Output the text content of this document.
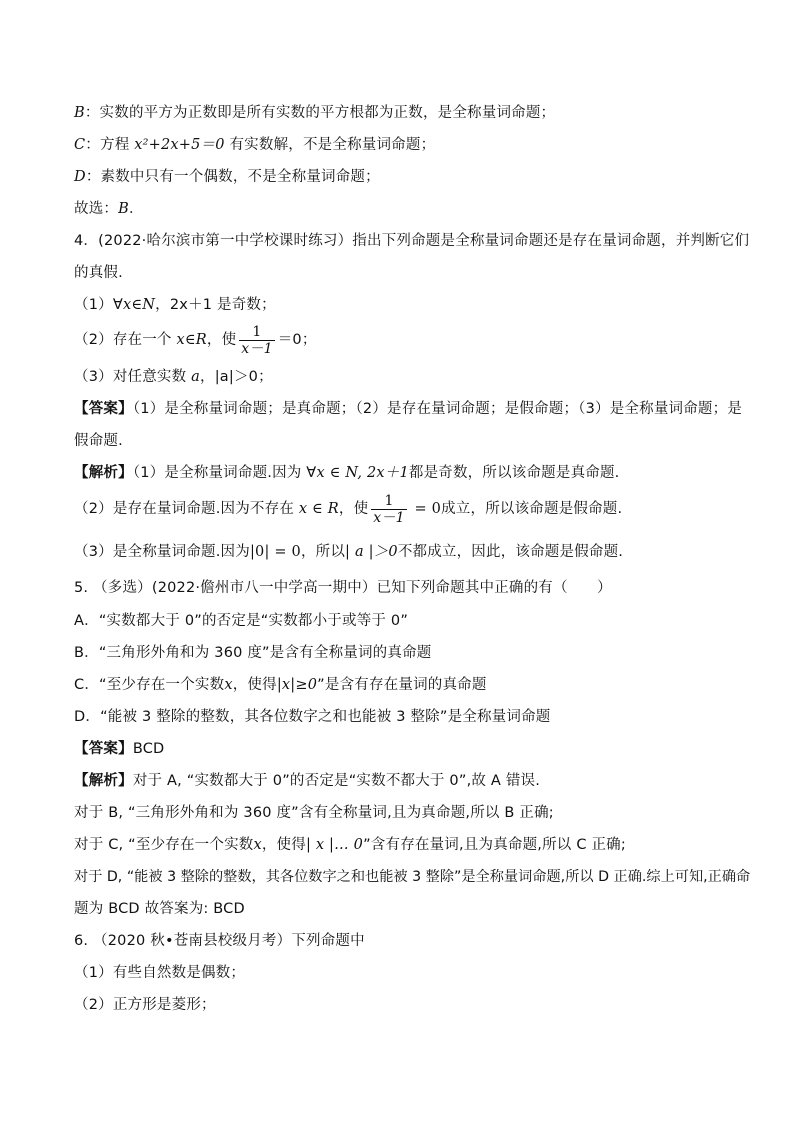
B：实数的平方为正数即是所有实数的平方根都为正数，是全称量词命题；
C：方程 x²+2x+5＝0 有实数解，不是全称量词命题；
D：素数中只有一个偶数，不是全称量词命题；
故选：B．
4．(2022·哈尔滨市第一中学校课时练习）指出下列命题是全称量词命题还是存在量词命题，并判断它们
的真假.
（1）∀x∈N，2x＋1 是奇数；
（2）存在一个 x∈R，使 $\frac{1}{x-1} =0$；
（3）对任意实数 a，|a|＞0；
【答案】（1）是全称量词命题；是真命题；（2）是存在量词命题；是假命题；（3）是全称量词命题；是
假命题.
【解析】（1）是全称量词命题.因为 ∀x ∈ N, 2x＋1都是奇数，所以该命题是真命题.
（2）是存在量词命题.因为不存在 x ∈ R，使 $\frac{1}{x-1} = 0$成立，所以该命题是假命题.
（3）是全称量词命题.因为|0| = 0，所以| a |＞0不都成立，因此，该命题是假命题.
5. （多选）(2022·儋州市八一中学高一期中）已知下列命题其中正确的有（　　）
A．“实数都大于 0”的否定是“实数都小于或等于 0”
B．“三角形外角和为 360 度”是含有全称量词的真命题
C．“至少存在一个实数x，使得|x|≥0”是含有存在量词的真命题
D．“能被 3 整除的整数，其各位数字之和也能被 3 整除”是全称量词命题
【答案】BCD
【解析】对于 A, “实数都大于 0”的否定是“实数不都大于 0”,故 A 错误.
对于 B, “三角形外角和为 360 度”含有全称量词,且为真命题,所以 B 正确;
对于 C, “至少存在一个实数x，使得| x |… 0”含有存在量词,且为真命题,所以 C 正确;
对于 D, “能被 3 整除的整数，其各位数字之和也能被 3 整除”是全称量词命题,所以 D 正确.综上可知,正确命
题为 BCD 故答案为: BCD
6. （2020 秋•苍南县校级月考）下列命题中
（1）有些自然数是偶数；
（2）正方形是菱形；
